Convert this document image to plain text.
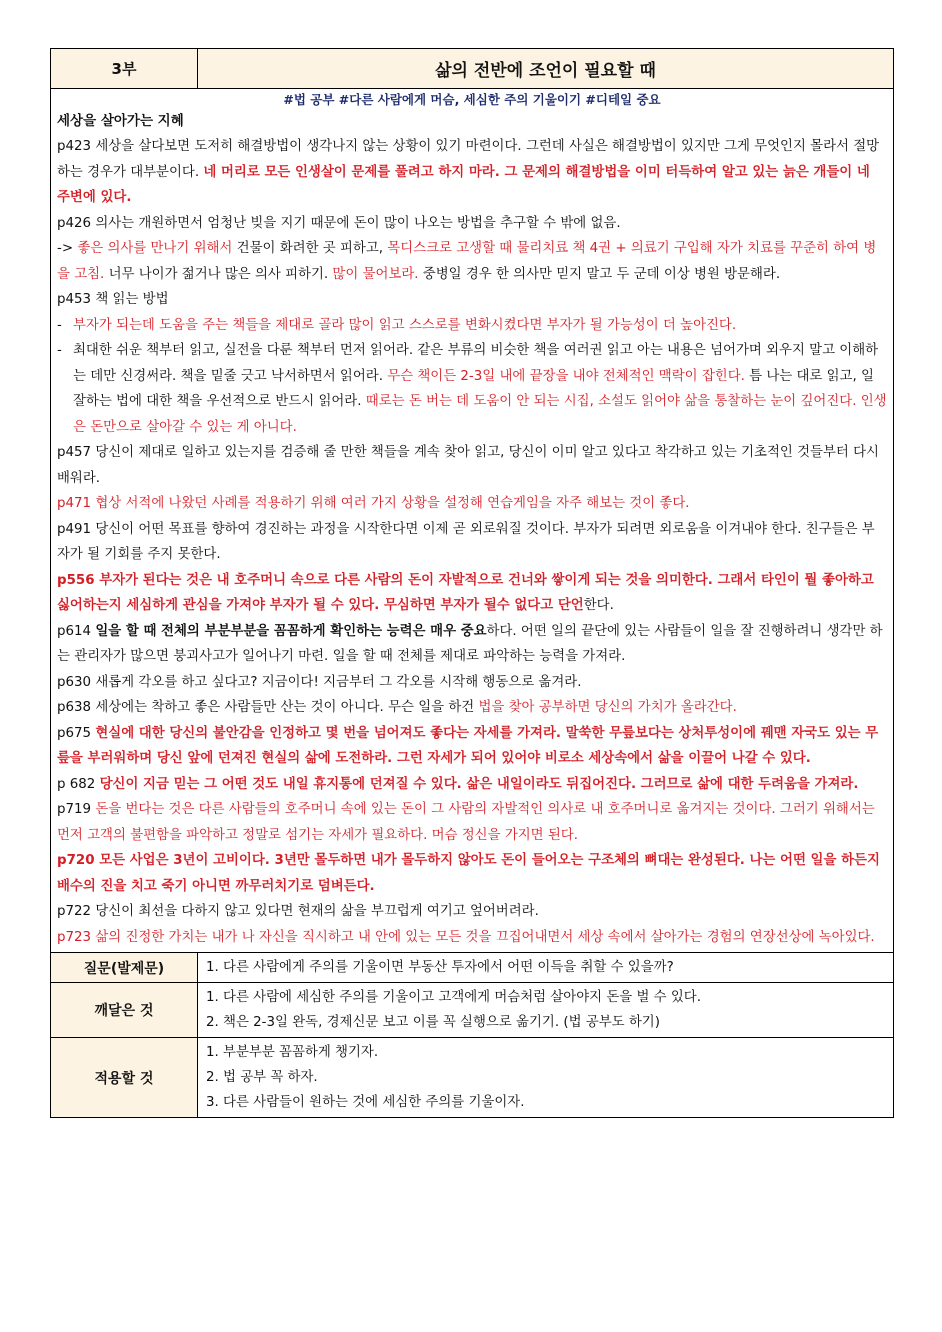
3부	삶의 전반에 조언이 필요할 때
#법 공부 #다른 사람에게 머슴, 세심한 주의 기울이기 #디테일 중요
세상을 살아가는 지혜

p423 세상을 살다보면 도저히 해결방법이 생각나지 않는 상황이 있기 마련이다. 그런데 사실은 해결방법이 있지만 그게 무엇인지 몰라서 절망하는 경우가 대부분이다. 네 머리로 모든 인생살이 문제를 풀려고 하지 마라. 그 문제의 해결방법을 이미 터득하여 알고 있는 늙은 개들이 네 주변에 있다.

p426 의사는 개원하면서 엄청난 빚을 지기 때문에 돈이 많이 나오는 방법을 추구할 수 밖에 없음.

-> 좋은 의사를 만나기 위해서 건물이 화려한 곳 피하고, 목디스크로 고생할 때 물리치료 책 4권 + 의료기 구입해 자가 치료를 꾸준히 하여 병을 고침. 너무 나이가 젊거나 많은 의사 피하기. 많이 물어보라. 중병일 경우 한 의사만 믿지 말고 두 군데 이상 병원 방문해라.

p453 책 읽는 방법

- 부자가 되는데 도움을 주는 책들을 제대로 골라 많이 읽고 스스로를 변화시켰다면 부자가 될 가능성이 더 높아진다.

- 최대한 쉬운 책부터 읽고, 실전을 다룬 책부터 먼저 읽어라. 같은 부류의 비슷한 책을 여러권 읽고 아는 내용은 넘어가며 외우지 말고 이해하는 데만 신경써라. 책을 밑줄 긋고 낙서하면서 읽어라. 무슨 책이든 2-3일 내에 끝장을 내야 전체적인 맥락이 잡힌다. 틈 나는 대로 읽고, 일 잘하는 법에 대한 책을 우선적으로 반드시 읽어라. 때로는 돈 버는 데 도움이 안 되는 시집, 소설도 읽어야 삶을 통찰하는 눈이 깊어진다. 인생은 돈만으로 살아갈 수 있는 게 아니다.

p457 당신이 제대로 일하고 있는지를 검증해 줄 만한 책들을 계속 찾아 읽고, 당신이 이미 알고 있다고 착각하고 있는 기초적인 것들부터 다시 배워라.

p471 협상 서적에 나왔던 사례를 적용하기 위해 여러 가지 상황을 설정해 연습게임을 자주 해보는 것이 좋다.

p491 당신이 어떤 목표를 향하여 경진하는 과정을 시작한다면 이제 곧 외로워질 것이다. 부자가 되려면 외로움을 이겨내야 한다. 친구들은 부자가 될 기회를 주지 못한다.

p556 부자가 된다는 것은 내 호주머니 속으로 다른 사람의 돈이 자발적으로 건너와 쌓이게 되는 것을 의미한다. 그래서 타인이 뭘 좋아하고 싫어하는지 세심하게 관심을 가져야 부자가 될 수 있다. 무심하면 부자가 될수 없다고 단언한다.

p614 일을 할 때 전체의 부분부분을 꼼꼼하게 확인하는 능력은 매우 중요하다. 어떤 일의 끝단에 있는 사람들이 일을 잘 진행하려니 생각만 하는 관리자가 많으면 붕괴사고가 일어나기 마련. 일을 할 때 전체를 제대로 파악하는 능력을 가져라.

p630 새롭게 각오를 하고 싶다고? 지금이다! 지금부터 그 각오를 시작해 행동으로 옮겨라.

p638 세상에는 착하고 좋은 사람들만 산는 것이 아니다. 무슨 일을 하건 법을 찾아 공부하면 당신의 가치가 올라간다.

p675 현실에 대한 당신의 불안감을 인정하고 몇 번을 넘어져도 좋다는 자세를 가져라. 말쑥한 무릎보다는 상처투성이에 꿰맨 자국도 있는 무릎을 부러워하며 당신 앞에 던져진 현실의 삶에 도전하라. 그런 자세가 되어 있어야 비로소 세상속에서 삶을 이끌어 나갈 수 있다.

p 682 당신이 지금 믿는 그 어떤 것도 내일 휴지통에 던져질 수 있다. 삶은 내일이라도 뒤집어진다. 그러므로 삶에 대한 두려움을 가져라.

p719 돈을 번다는 것은 다른 사람들의 호주머니 속에 있는 돈이 그 사람의 자발적인 의사로 내 호주머니로 옮겨지는 것이다. 그러기 위해서는 먼저 고객의 불편함을 파악하고 정말로 섬기는 자세가 필요하다. 머슴 정신을 가지면 된다.

p720 모든 사업은 3년이 고비이다. 3년만 몰두하면 내가 몰두하지 않아도 돈이 들어오는 구조체의 뼈대는 완성된다. 나는 어떤 일을 하든지 배수의 진을 치고 죽기 아니면 까무러치기로 덤벼든다.

p722 당신이 최선을 다하지 않고 있다면 현재의 삶을 부끄럽게 여기고 엎어버려라.

p723 삶의 진정한 가치는 내가 나 자신을 직시하고 내 안에 있는 모든 것을 끄집어내면서 세상 속에서 살아가는 경험의 연장선상에 녹아있다.

질문(발제문)	1. 다른 사람에게 주의를 기울이면 부동산 투자에서 어떤 이득을 취할 수 있을까?
깨달은 것
1. 다른 사람에 세심한 주의를 기울이고 고객에게 머슴처럼 살아야지 돈을 벌 수 있다.
2. 책은 2-3일 완독, 경제신문 보고 이를 꼭 실행으로 옮기기. (법 공부도 하기)
적용할 것
1. 부분부분 꼼꼼하게 챙기자.
2. 법 공부 꼭 하자.
3. 다른 사람들이 원하는 것에 세심한 주의를 기울이자.
